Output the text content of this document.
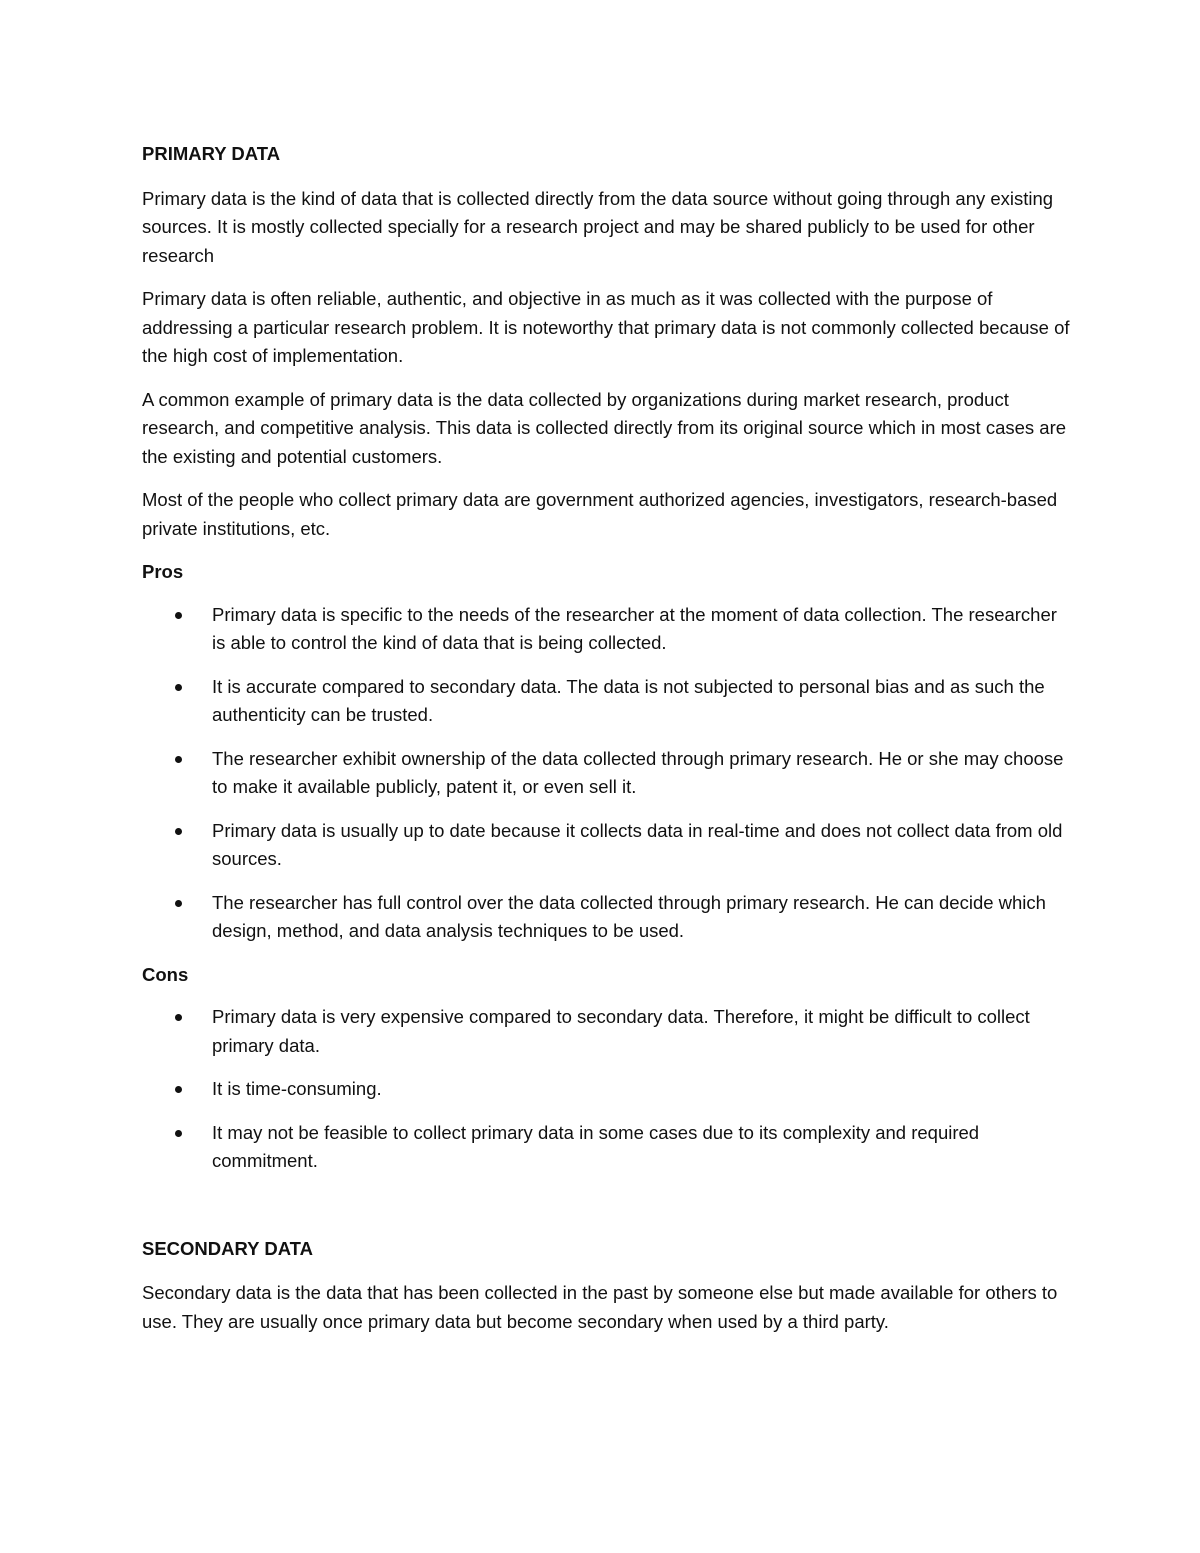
PRIMARY DATA

Primary data is the kind of data that is collected directly from the data source without going through any existing sources. It is mostly collected specially for a research project and may be shared publicly to be used for other research

Primary data is often reliable, authentic, and objective in as much as it was collected with the purpose of addressing a particular research problem. It is noteworthy that primary data is not commonly collected because of the high cost of implementation.

A common example of primary data is the data collected by organizations during market research, product research, and competitive analysis. This data is collected directly from its original source which in most cases are the existing and potential customers.

Most of the people who collect primary data are government authorized agencies, investigators, research-based private institutions, etc.

Pros
Primary data is specific to the needs of the researcher at the moment of data collection. The researcher is able to control the kind of data that is being collected.
It is accurate compared to secondary data. The data is not subjected to personal bias and as such the authenticity can be trusted.
The researcher exhibit ownership of the data collected through primary research. He or she may choose to make it available publicly, patent it, or even sell it.
Primary data is usually up to date because it collects data in real-time and does not collect data from old sources.
The researcher has full control over the data collected through primary research. He can decide which design, method, and data analysis techniques to be used.
Cons
Primary data is very expensive compared to secondary data. Therefore, it might be difficult to collect primary data.
It is time-consuming.
It may not be feasible to collect primary data in some cases due to its complexity and required commitment.
SECONDARY DATA

Secondary data is the data that has been collected in the past by someone else but made available for others to use. They are usually once primary data but become secondary when used by a third party.
